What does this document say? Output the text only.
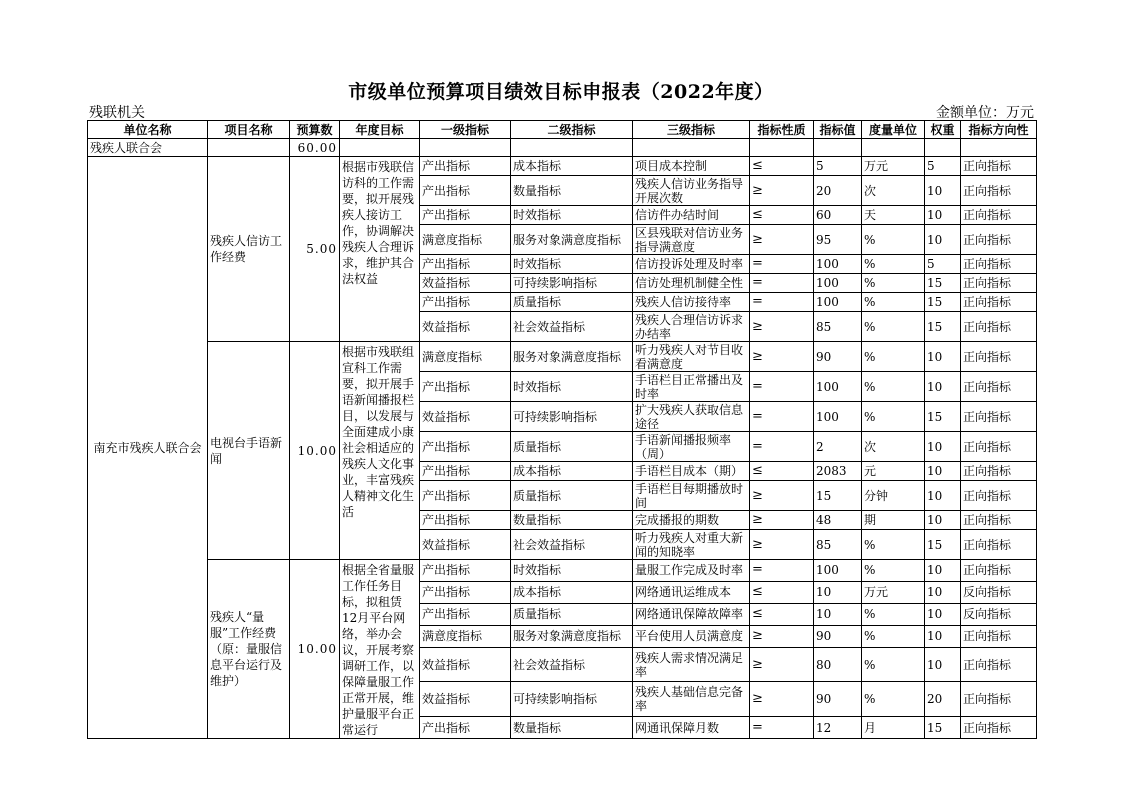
市级单位预算项目绩效目标申报表（2022年度）
残联机关	金额单位：万元
单位名称	项目名称	预算数	年度目标	一级指标	二级指标	三级指标	指标性质	指标值	度量单位	权重	指标方向性
残疾人联合会		60.00									
南充市残疾人联合会	残疾人信访工作经费	5.00	根据市残联信访科的工作需要，拟开展残疾人接访工作，协调解决残疾人合理诉求，维护其合法权益	产出指标	成本指标	项目成本控制	≤	5	万元	5	正向指标
				产出指标	数量指标	残疾人信访业务指导开展次数	≥	20	次	10	正向指标
				产出指标	时效指标	信访件办结时间	≤	60	天	10	正向指标
				满意度指标	服务对象满意度指标	区县残联对信访业务指导满意度	≥	95	%	10	正向指标
				产出指标	时效指标	信访投诉处理及时率	=	100	%	5	正向指标
				效益指标	可持续影响指标	信访处理机制健全性	=	100	%	15	正向指标
				产出指标	质量指标	残疾人信访接待率	=	100	%	15	正向指标
				效益指标	社会效益指标	残疾人合理信访诉求办结率	≥	85	%	15	正向指标
	电视台手语新闻	10.00	根据市残联组宣科工作需要，拟开展手语新闻播报栏目，以发展与全面建成小康社会相适应的残疾人文化事业，丰富残疾人精神文化生活	满意度指标	服务对象满意度指标	听力残疾人对节目收看满意度	≥	90	%	10	正向指标
				产出指标	时效指标	手语栏目正常播出及时率	=	100	%	10	正向指标
				效益指标	可持续影响指标	扩大残疾人获取信息途径	=	100	%	15	正向指标
				产出指标	质量指标	手语新闻播报频率（周）	=	2	次	10	正向指标
				产出指标	成本指标	手语栏目成本（期）	≤	2083	元	10	正向指标
				产出指标	质量指标	手语栏目每期播放时间	≥	15	分钟	10	正向指标
				产出指标	数量指标	完成播报的期数	≥	48	期	10	正向指标
				效益指标	社会效益指标	听力残疾人对重大新闻的知晓率	≥	85	%	15	正向指标
	残疾人“量服”工作经费（原：量服信息平台运行及维护）	10.00	根据全省量服工作任务目标，拟租赁12月平台网络，举办会议，开展考察调研工作，以保障量服工作正常开展，维护量服平台正常运行	产出指标	时效指标	量服工作完成及时率	=	100	%	10	正向指标
				产出指标	成本指标	网络通讯运维成本	≤	10	万元	10	反向指标
				产出指标	质量指标	网络通讯保障故障率	≤	10	%	10	反向指标
				满意度指标	服务对象满意度指标	平台使用人员满意度	≥	90	%	10	正向指标
				效益指标	社会效益指标	残疾人需求情况满足率	≥	80	%	10	正向指标
				效益指标	可持续影响指标	残疾人基础信息完备率	≥	90	%	20	正向指标
				产出指标	数量指标	网通讯保障月数	=	12	月	15	正向指标
